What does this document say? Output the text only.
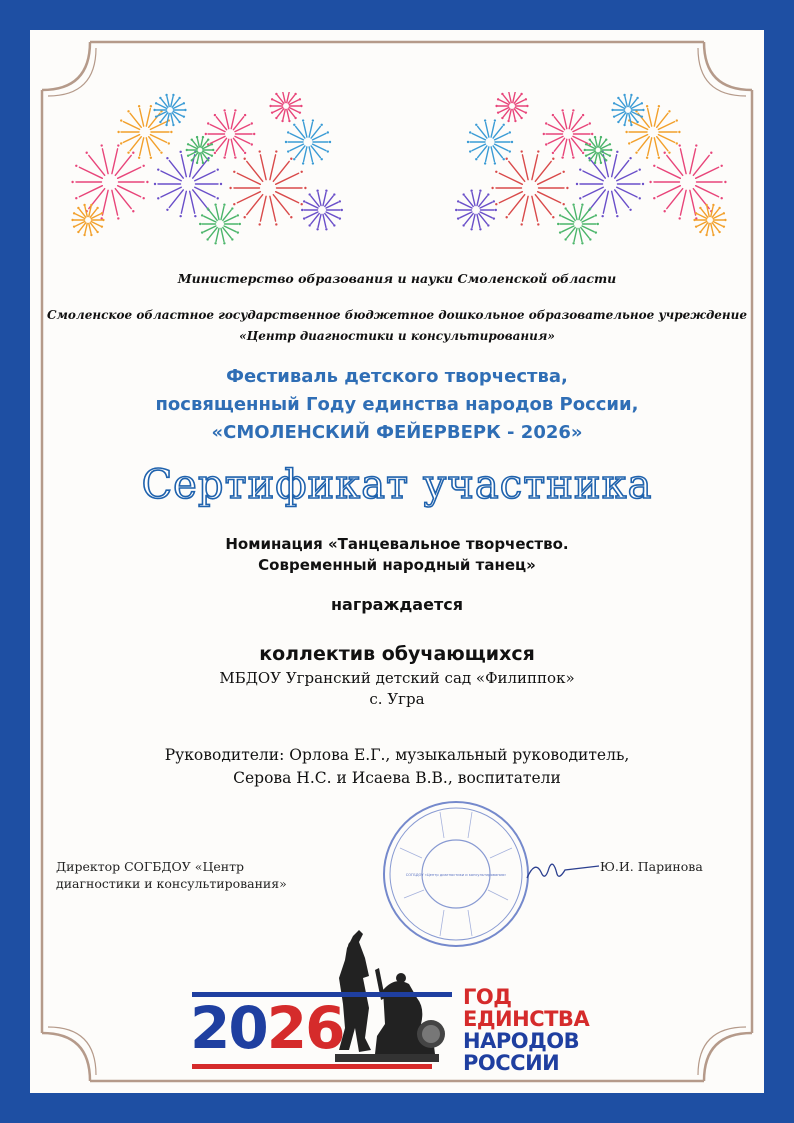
Министерство образования и науки Смоленской области
Смоленское областное государственное бюджетное дошкольное образовательное учреждение
«Центр диагностики и консультирования»
Фестиваль детского творчества,
посвященный Году единства народов России,
«СМОЛЕНСКИЙ ФЕЙЕРВЕРК - 2026»
Сертификат участника
Номинация «Танцевальное творчество.
Современный народный танец»
награждается
коллектив обучающихся
МБДОУ Угранский детский сад «Филиппок»
с. Угра
Руководители: Орлова Е.Г., музыкальный руководитель,
Серова Н.С. и Исаева В.В., воспитатели
Директор СОГБДОУ «Центр
диагностики и консультирования»
СОГБДОУ «Центр диагностики и консультирования»
Ю.И. Паринова
2026	ГОД
ЕДИНСТВА
НАРОДОВ
РОССИИ
